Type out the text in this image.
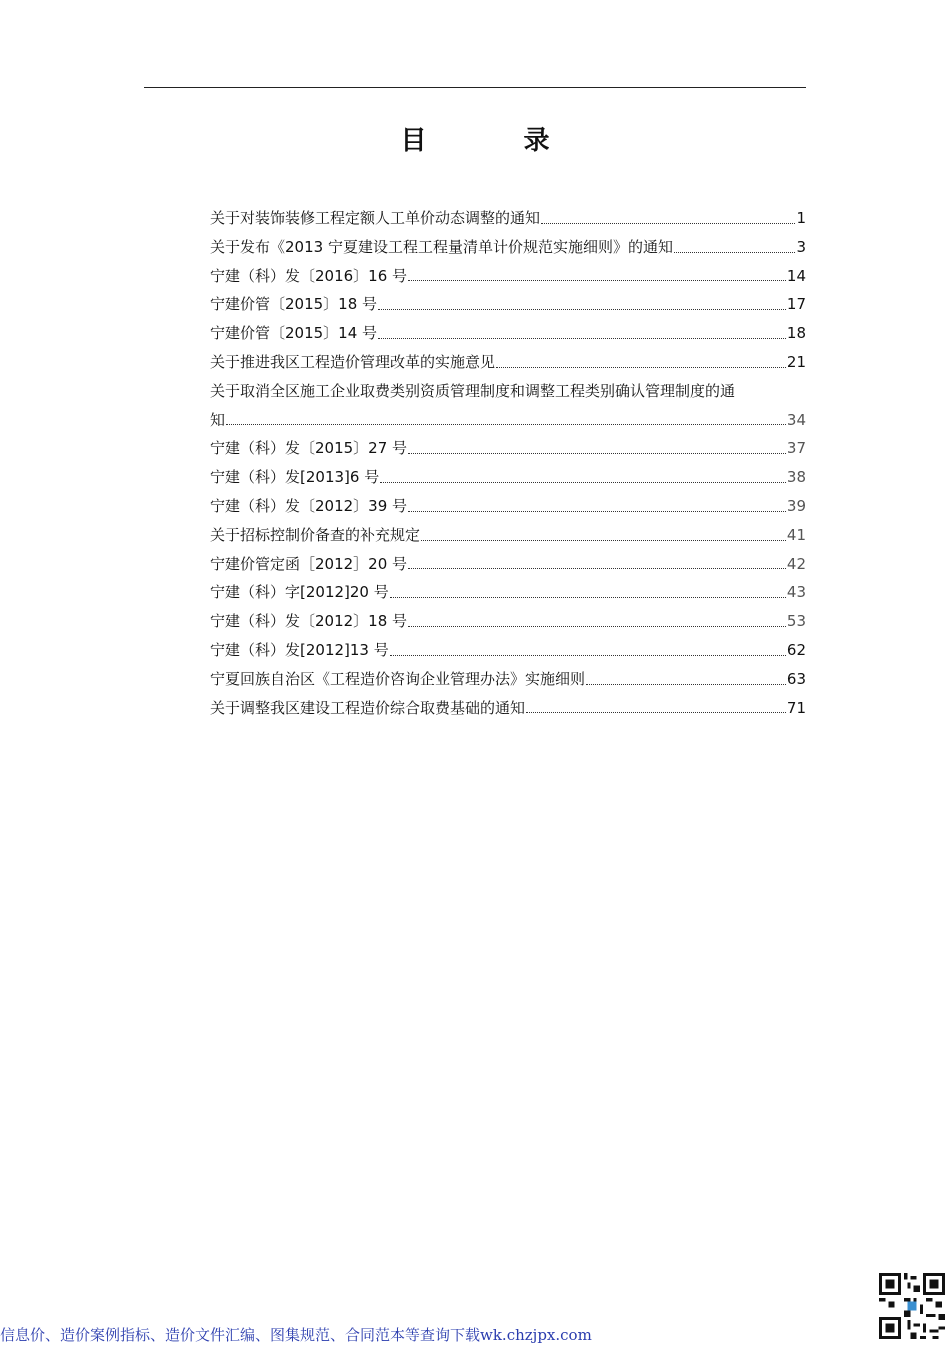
目 录
关于对装饰装修工程定额人工单价动态调整的通知	1
关于发布《2013 宁夏建设工程工程量清单计价规范实施细则》的通知	3
宁建（科）发〔2016〕16 号	14
宁建价管〔2015〕18 号	17
宁建价管〔2015〕14 号	18
关于推进我区工程造价管理改革的实施意见	21
关于取消全区施工企业取费类别资质管理制度和调整工程类别确认管理制度的通
知	34
宁建（科）发〔2015〕27 号	37
宁建（科）发[2013]6 号	38
宁建（科）发〔2012〕39 号	39
关于招标控制价备查的补充规定	41
宁建价管定函［2012］20 号	42
宁建（科）字[2012]20 号	43
宁建（科）发〔2012〕18 号	53
宁建（科）发[2012]13 号	62
宁夏回族自治区《工程造价咨询企业管理办法》实施细则	63
关于调整我区建设工程造价综合取费基础的通知	71
信息价、造价案例指标、造价文件汇编、图集规范、合同范本等查询下载wk.chzjpx.com
